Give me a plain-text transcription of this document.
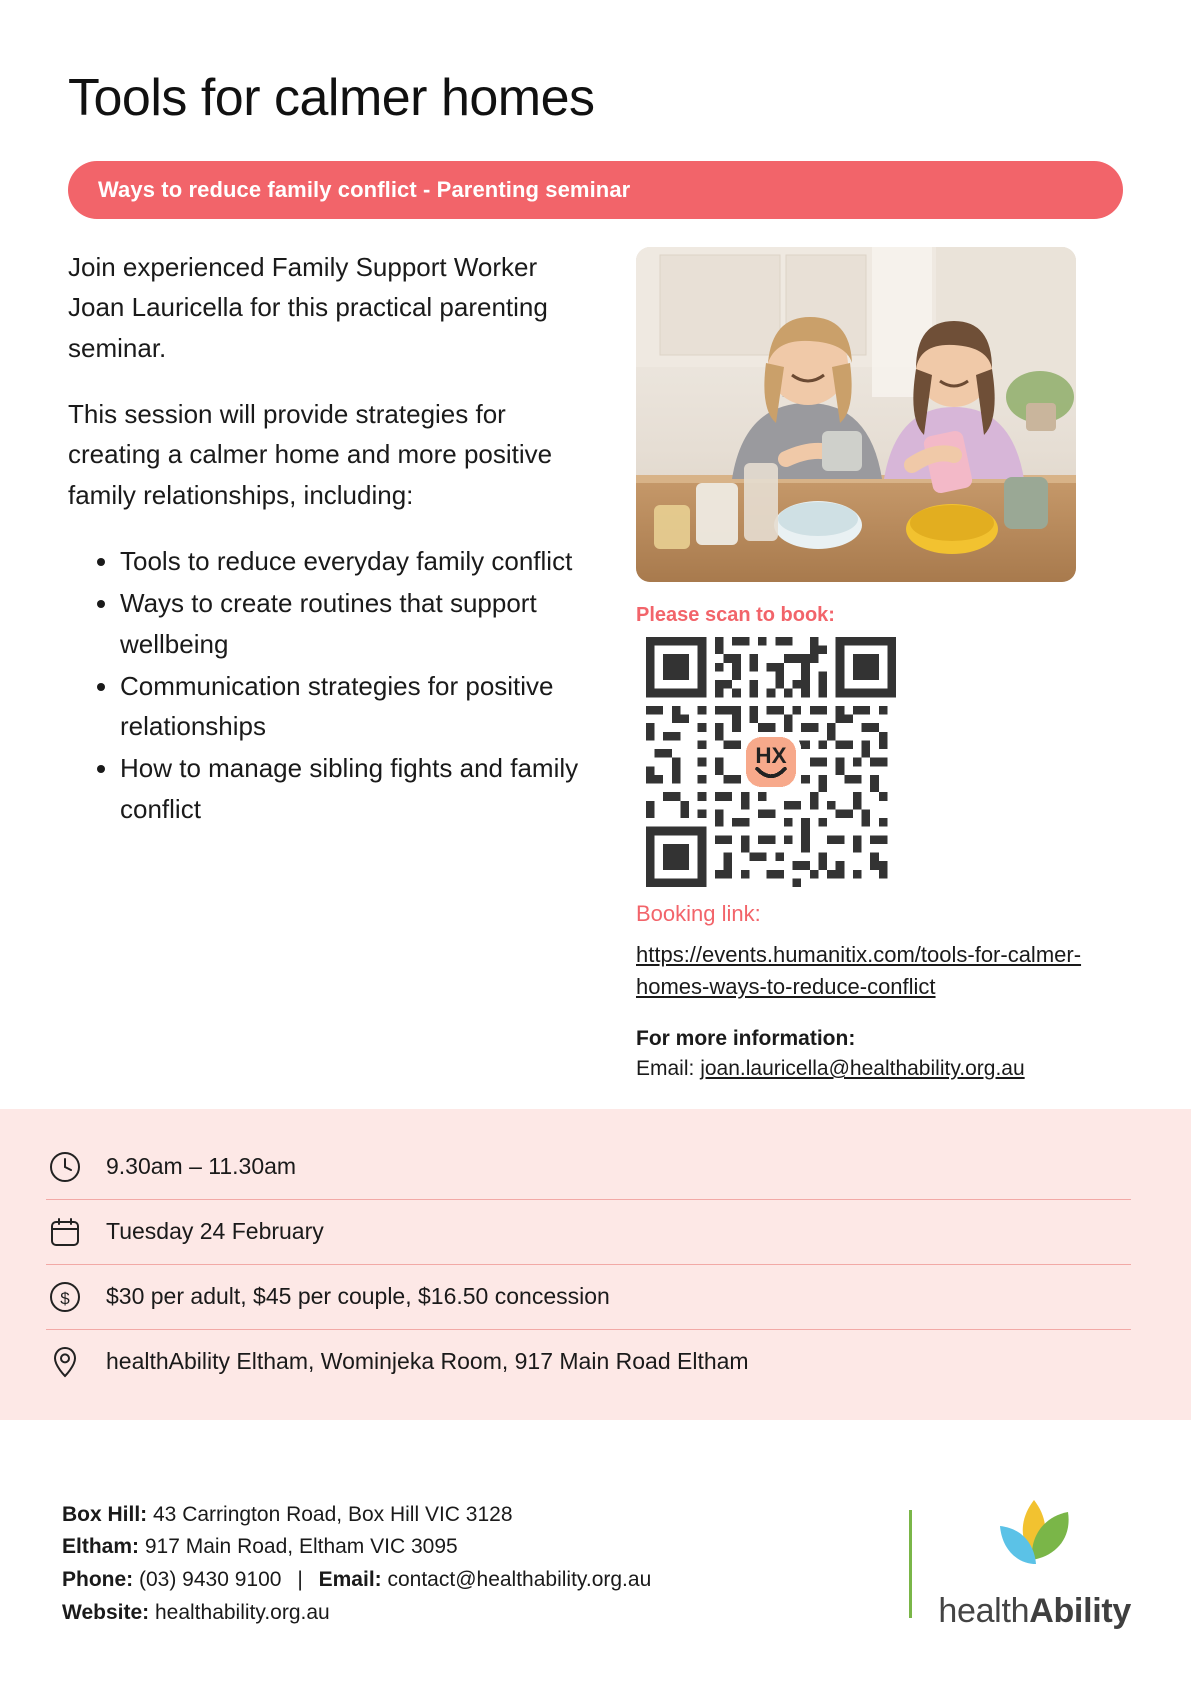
Tools for calmer homes
Ways to reduce family conflict - Parenting seminar

Join experienced Family Support Worker Joan Lauricella for this practical parenting seminar.

This session will provide strategies for creating a calmer home and more positive family relationships, including:

• Tools to reduce everyday family conflict
• Ways to create routines that support wellbeing
• Communication strategies for positive relationships
• How to manage sibling fights and family conflict
Please scan to book:
HX
Booking link:
https://events.humanitix.com/tools-for-calmer-homes-ways-to-reduce-conflict
For more information:
Email: joan.lauricella@healthability.org.au
9.30am – 11.30am
Tuesday 24 February
$ $30 per adult, $45 per couple, $16.50 concession
healthAbility Eltham, Wominjeka Room, 917 Main Road Eltham
Box Hill: 43 Carrington Road, Box Hill VIC 3128
Eltham: 917 Main Road, Eltham VIC 3095
Phone: (03) 9430 9100 | Email: contact@healthability.org.au
Website: healthability.org.au	healthAbility
